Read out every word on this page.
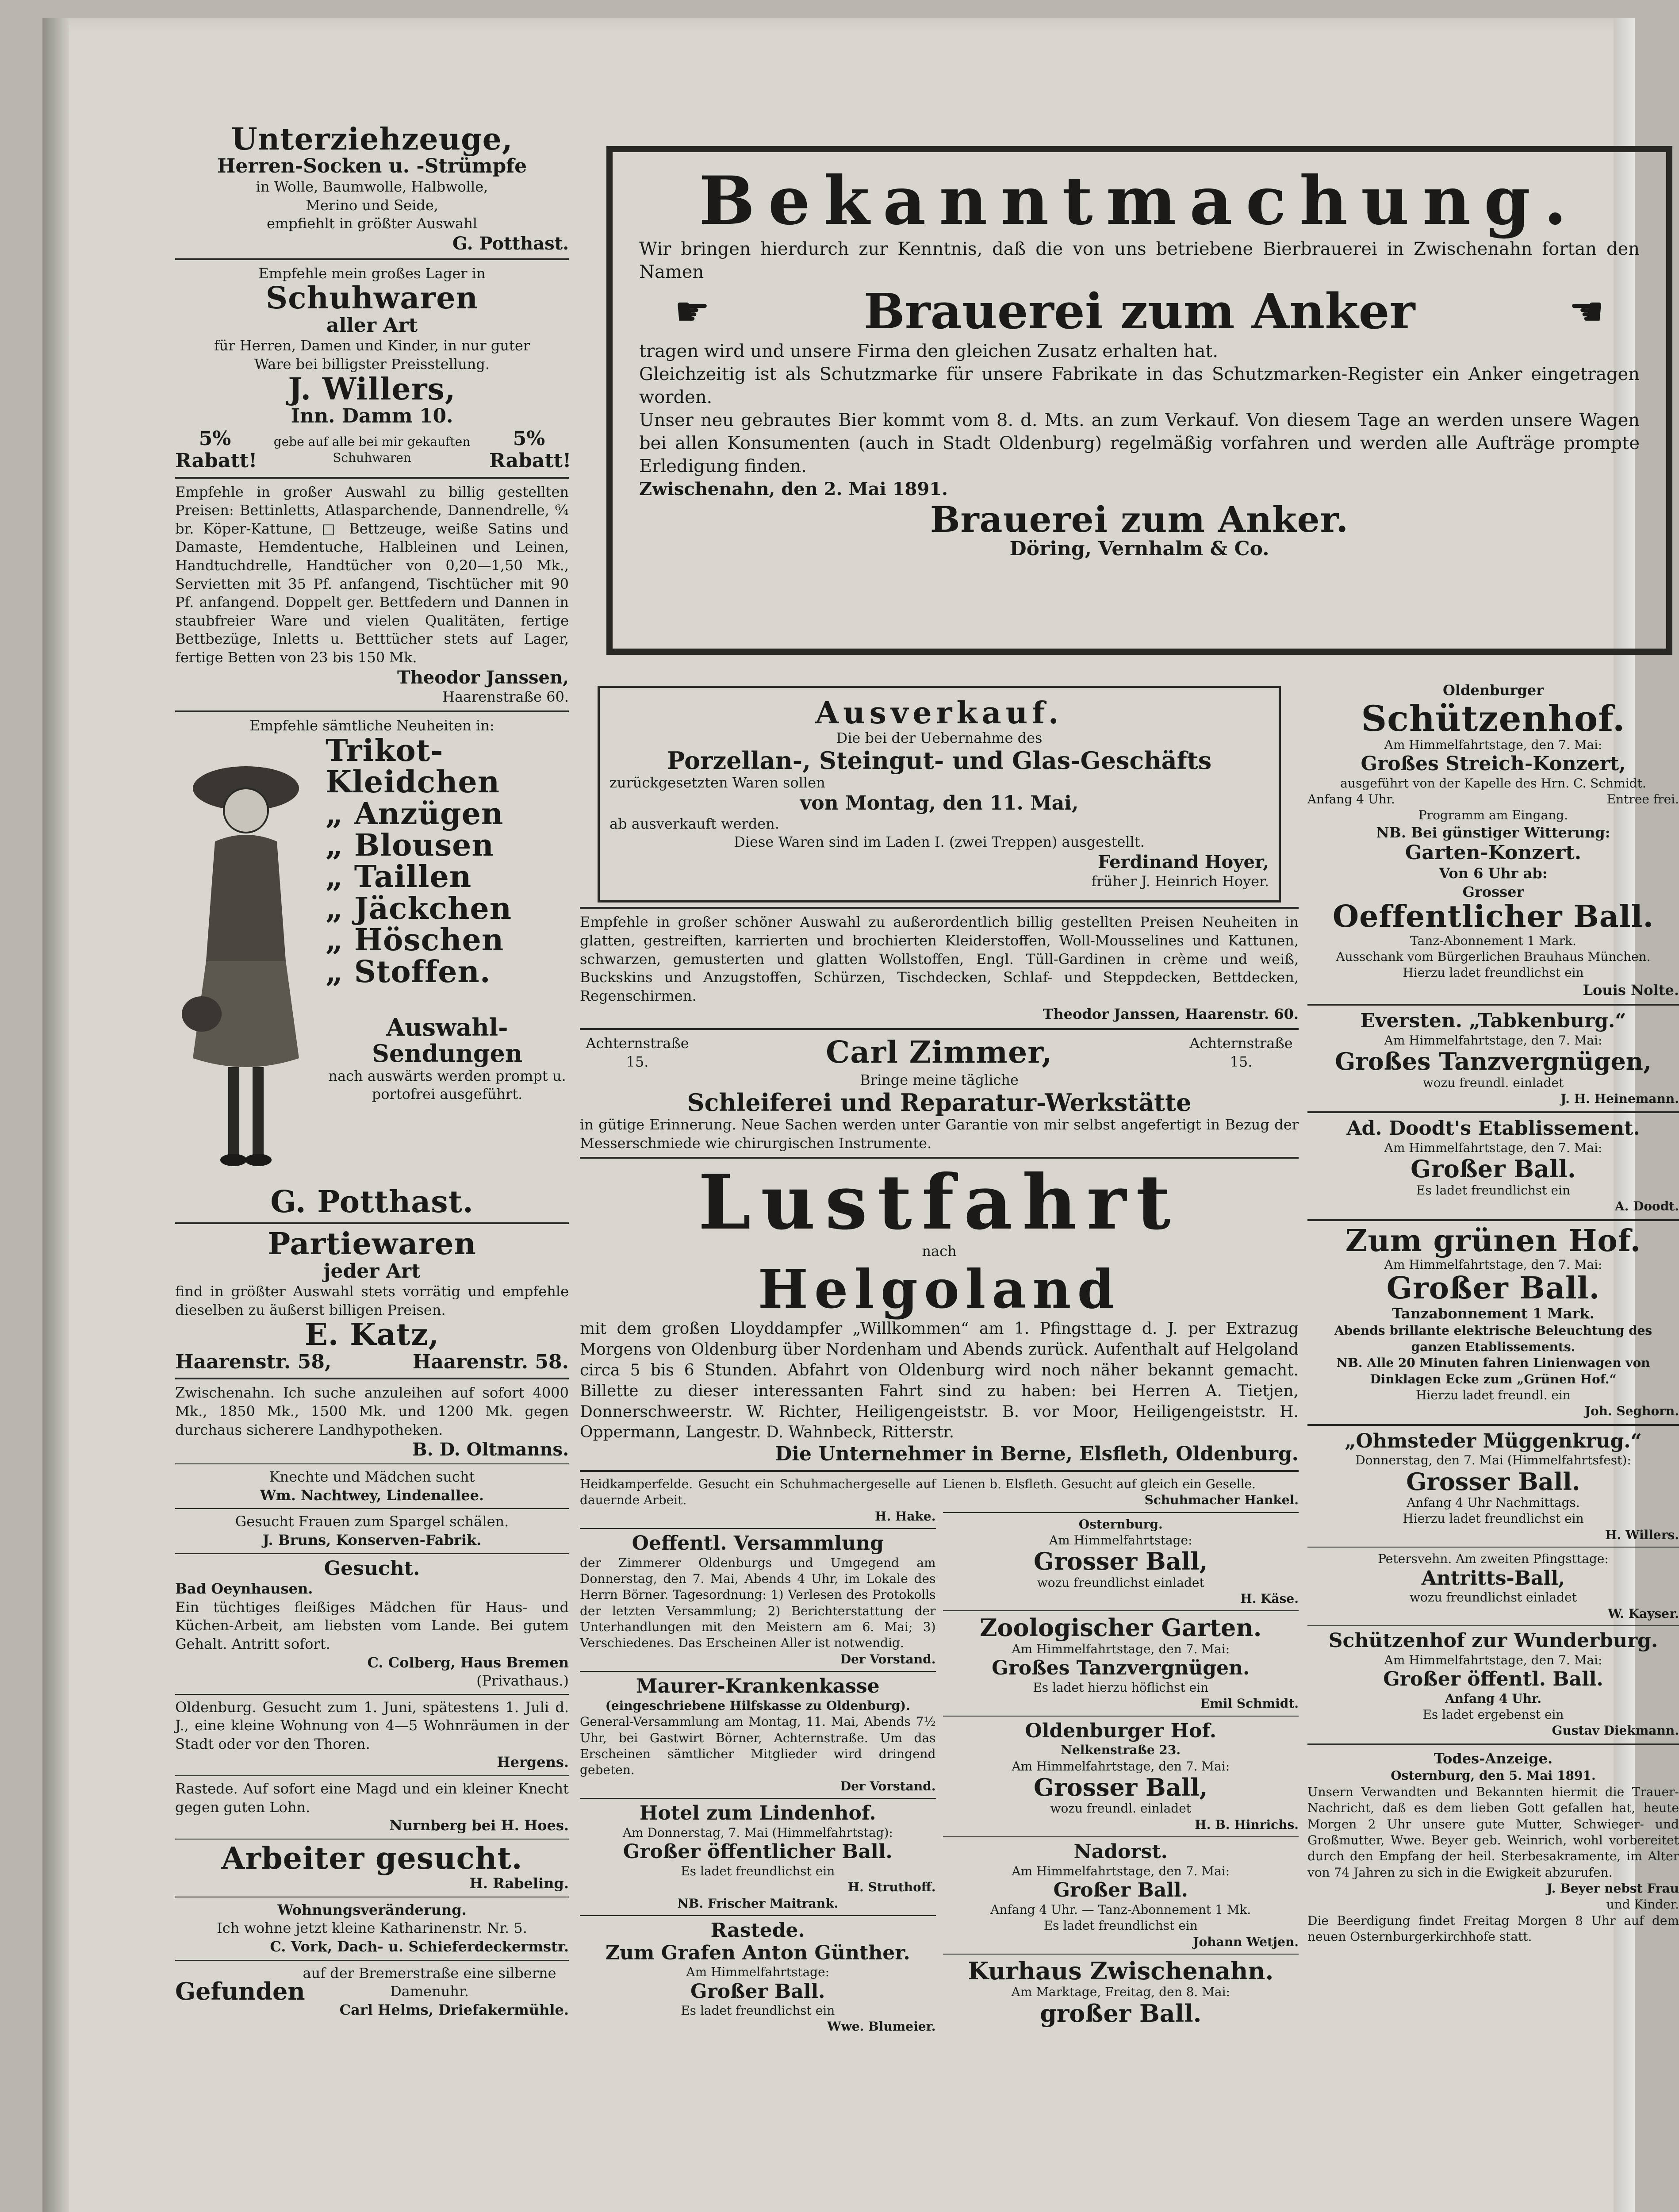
Unterziehzeuge,
Herren-Socken u. -Strümpfe
in Wolle, Baumwolle, Halbwolle,
Merino und Seide,
empfiehlt in größter Auswahl
G. Potthast.
Empfehle mein großes Lager in
Schuhwaren
aller Art
für Herren, Damen und Kinder, in nur guter
Ware bei billigster Preisstellung.
J. Willers,
Inn. Damm 10.
5% Rabatt!
gebe auf alle bei mir gekauften Schuhwaren
5% Rabatt!
Empfehle in großer Auswahl zu billig gestellten Preisen: Bettinletts, Atlasparchende, Dannendrelle, ⁶⁄₄ br. Köper-Kattune, □ Bettzeuge, weiße Satins und Damaste, Hemdentuche, Halbleinen und Leinen, Handtuchdrelle, Handtücher von 0,20—1,50 Mk., Servietten mit 35 Pf. anfangend, Tischtücher mit 90 Pf. anfangend. Doppelt ger. Bettfedern und Dannen in staubfreier Ware und vielen Qualitäten, fertige Bettbezüge, Inletts u. Betttücher stets auf Lager, fertige Betten von 23 bis 150 Mk.
Theodor Janssen,
Haarenstraße 60.
Empfehle sämtliche Neuheiten in:
Trikot-
Kleidchen
„ Anzügen
„ Blousen
„ Taillen
„ Jäckchen
„ Höschen
„ Stoffen.
Auswahl-
Sendungen
nach auswärts werden prompt u. portofrei ausgeführt.
G. Potthast.
Partiewaren
jeder Art
find in größter Auswahl stets vorrätig und empfehle dieselben zu äußerst billigen Preisen.
E. Katz,
Haarenstr. 58,	Haarenstr. 58.
Zwischenahn. Ich suche anzuleihen auf sofort 4000 Mk., 1850 Mk., 1500 Mk. und 1200 Mk. gegen durchaus sicherere Landhypotheken.
B. D. Oltmanns.
Knechte und Mädchen sucht
Wm. Nachtwey, Lindenallee.
Gesucht Frauen zum Spargel schälen.
J. Bruns, Konserven-Fabrik.
Gesucht.
Bad Oeynhausen.
Ein tüchtiges fleißiges Mädchen für Haus- und Küchen-Arbeit, am liebsten vom Lande. Bei gutem Gehalt. Antritt sofort.
C. Colberg, Haus Bremen
(Privathaus.)
Oldenburg. Gesucht zum 1. Juni, spätestens 1. Juli d. J., eine kleine Wohnung von 4—5 Wohnräumen in der Stadt oder vor den Thoren.
Hergens.
Rastede. Auf sofort eine Magd und ein kleiner Knecht gegen guten Lohn.
Nurnberg bei H. Hoes.
Arbeiter gesucht.
H. Rabeling.
Wohnungsveränderung.
Ich wohne jetzt kleine Katharinenstr. Nr. 5.
C. Vork, Dach- u. Schieferdeckermstr.
Gefunden
auf der Bremerstraße eine silberne Damenuhr.
Carl Helms, Driefakermühle.
Bekanntmachung.
Wir bringen hierdurch zur Kenntnis, daß die von uns betriebene Bierbrauerei in Zwischenahn fortan den Namen
☛	Brauerei zum Anker	☚
tragen wird und unsere Firma den gleichen Zusatz erhalten hat.
Gleichzeitig ist als Schutzmarke für unsere Fabrikate in das Schutzmarken-Register ein Anker eingetragen worden.
Unser neu gebrautes Bier kommt vom 8. d. Mts. an zum Verkauf. Von diesem Tage an werden unsere Wagen bei allen Konsumenten (auch in Stadt Oldenburg) regelmäßig vorfahren und werden alle Aufträge prompte Erledigung finden.
Zwischenahn, den 2. Mai 1891.
Brauerei zum Anker.
Döring, Vernhalm & Co.
Ausverkauf.
Die bei der Uebernahme des
Porzellan-, Steingut- und Glas-Geschäfts
zurückgesetzten Waren sollen
von Montag, den 11. Mai,
ab ausverkauft werden.
Diese Waren sind im Laden I. (zwei Treppen) ausgestellt.
Ferdinand Hoyer,
früher J. Heinrich Hoyer.
Empfehle in großer schöner Auswahl zu außerordentlich billig gestellten Preisen Neuheiten in glatten, gestreiften, karrierten und brochierten Kleiderstoffen, Woll-Mousselines und Kattunen, schwarzen, gemusterten und glatten Wollstoffen, Engl. Tüll-Gardinen in crème und weiß, Buckskins und Anzugstoffen, Schürzen, Tischdecken, Schlaf- und Steppdecken, Bettdecken, Regenschirmen.
Theodor Janssen, Haarenstr. 60.
Achternstraße 15.	Carl Zimmer,	Achternstraße 15.
Bringe meine tägliche
Schleiferei und Reparatur-Werkstätte
in gütige Erinnerung. Neue Sachen werden unter Garantie von mir selbst angefertigt in Bezug der Messerschmiede wie chirurgischen Instrumente.
Lustfahrt
nach
Helgoland
mit dem großen Lloyddampfer „Willkommen“ am 1. Pfingsttage d. J. per Extrazug Morgens von Oldenburg über Nordenham und Abends zurück. Aufenthalt auf Helgoland circa 5 bis 6 Stunden. Abfahrt von Oldenburg wird noch näher bekannt gemacht. Billette zu dieser interessanten Fahrt sind zu haben: bei Herren A. Tietjen, Donnerschweerstr. W. Richter, Heiligengeiststr. B. vor Moor, Heiligengeiststr. H. Oppermann, Langestr. D. Wahnbeck, Ritterstr.
Die Unternehmer in Berne, Elsfleth, Oldenburg.
Heidkamperfelde. Gesucht ein Schuhmachergeselle auf dauernde Arbeit.
H. Hake.
Oeffentl. Versammlung
der Zimmerer Oldenburgs und Umgegend am Donnerstag, den 7. Mai, Abends 4 Uhr, im Lokale des Herrn Börner. Tagesordnung: 1) Verlesen des Protokolls der letzten Versammlung; 2) Berichterstattung der Unterhandlungen mit den Meistern am 6. Mai; 3) Verschiedenes. Das Erscheinen Aller ist notwendig.
Der Vorstand.
Maurer-Krankenkasse
(eingeschriebene Hilfskasse zu Oldenburg).
General-Versammlung am Montag, 11. Mai, Abends 7½ Uhr, bei Gastwirt Börner, Achternstraße. Um das Erscheinen sämtlicher Mitglieder wird dringend gebeten.
Der Vorstand.
Hotel zum Lindenhof.
Am Donnerstag, 7. Mai (Himmelfahrtstag):
Großer öffentlicher Ball.
Es ladet freundlichst ein
H. Struthoff.
NB. Frischer Maitrank.
Rastede.
Zum Grafen Anton Günther.
Am Himmelfahrtstage:
Großer Ball.
Es ladet freundlichst ein
Wwe. Blumeier.
Lienen b. Elsfleth. Gesucht auf gleich ein Geselle.
Schuhmacher Hankel.
Osternburg.
Am Himmelfahrtstage:
Grosser Ball,
wozu freundlichst einladet
H. Käse.
Zoologischer Garten.
Am Himmelfahrtstage, den 7. Mai:
Großes Tanzvergnügen.
Es ladet hierzu höflichst ein
Emil Schmidt.
Oldenburger Hof.
Nelkenstraße 23.
Am Himmelfahrtstage, den 7. Mai:
Grosser Ball,
wozu freundl. einladet
H. B. Hinrichs.
Nadorst.
Am Himmelfahrtstage, den 7. Mai:
Großer Ball.
Anfang 4 Uhr. — Tanz-Abonnement 1 Mk.
Es ladet freundlichst ein
Johann Wetjen.
Kurhaus Zwischenahn.
Am Marktage, Freitag, den 8. Mai:
großer Ball.
Oldenburger
Schützenhof.
Am Himmelfahrtstage, den 7. Mai:
Großes Streich-Konzert,
ausgeführt von der Kapelle des Hrn. C. Schmidt.
Anfang 4 Uhr.	Entree frei.
Programm am Eingang.
NB. Bei günstiger Witterung:
Garten-Konzert.
Von 6 Uhr ab:
Grosser
Oeffentlicher Ball.
Tanz-Abonnement 1 Mark.
Ausschank vom Bürgerlichen Brauhaus München.
Hierzu ladet freundlichst ein
Louis Nolte.
Eversten. „Tabkenburg.“
Am Himmelfahrtstage, den 7. Mai:
Großes Tanzvergnügen,
wozu freundl. einladet
J. H. Heinemann.
Ad. Doodt's Etablissement.
Am Himmelfahrtstage, den 7. Mai:
Großer Ball.
Es ladet freundlichst ein
A. Doodt.
Zum grünen Hof.
Am Himmelfahrtstage, den 7. Mai:
Großer Ball.
Tanzabonnement 1 Mark.
Abends brillante elektrische Beleuchtung des ganzen Etablissements.
NB. Alle 20 Minuten fahren Linienwagen von Dinklagen Ecke zum „Grünen Hof.“
Hierzu ladet freundl. ein
Joh. Seghorn.
„Ohmsteder Müggenkrug.“
Donnerstag, den 7. Mai (Himmelfahrtsfest):
Grosser Ball.
Anfang 4 Uhr Nachmittags.
Hierzu ladet freundlichst ein
H. Willers.
Petersvehn. Am zweiten Pfingsttage:
Antritts-Ball,
wozu freundlichst einladet
W. Kayser.
Schützenhof zur Wunderburg.
Am Himmelfahrtstage, den 7. Mai:
Großer öffentl. Ball.
Anfang 4 Uhr.
Es ladet ergebenst ein
Gustav Diekmann.
Todes-Anzeige.
Osternburg, den 5. Mai 1891.
Unsern Verwandten und Bekannten hiermit die Trauer-Nachricht, daß es dem lieben Gott gefallen hat, heute Morgen 2 Uhr unsere gute Mutter, Schwieger- und Großmutter, Wwe. Beyer geb. Weinrich, wohl vorbereitet durch den Empfang der heil. Sterbesakramente, im Alter von 74 Jahren zu sich in die Ewigkeit abzurufen.
J. Beyer nebst Frau
und Kinder.
Die Beerdigung findet Freitag Morgen 8 Uhr auf dem neuen Osternburgerkirchhofe statt.
